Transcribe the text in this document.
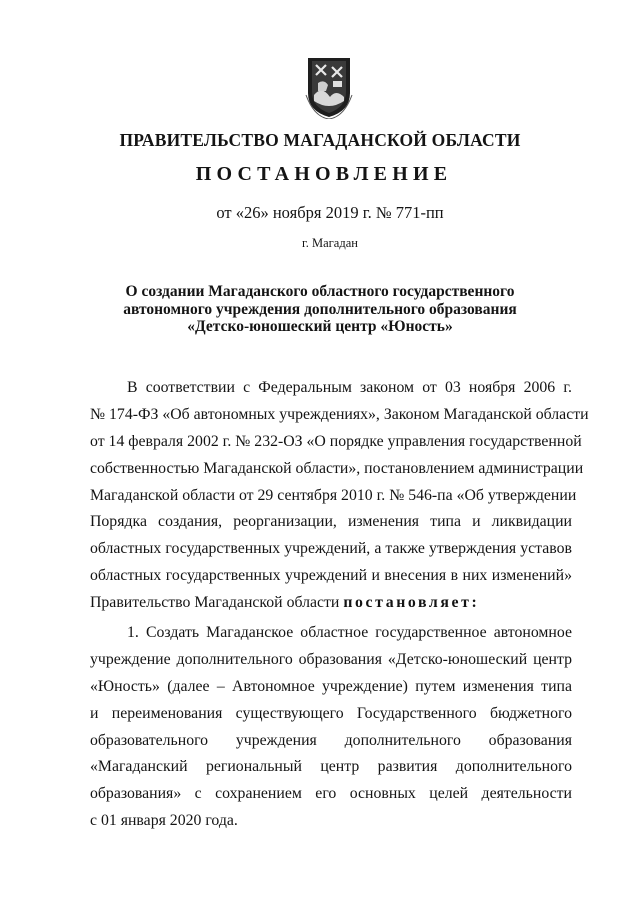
ПРАВИТЕЛЬСТВО МАГАДАНСКОЙ ОБЛАСТИ
ПОСТАНОВЛЕНИЕ
от «26» ноября 2019 г. № 771-пп
г. Магадан
О создании Магаданского областного государственного
автономного учреждения дополнительного образования
«Детско-юношеский центр «Юность»
В соответствии с Федеральным законом от 03 ноября 2006 г.
№ 174-ФЗ «Об автономных учреждениях», Законом Магаданской области
от 14 февраля 2002 г. № 232-ОЗ «О порядке управления государственной
собственностью Магаданской области», постановлением администрации
Магаданской области от 29 сентября 2010 г. № 546-па «Об утверждении
Порядка создания, реорганизации, изменения типа и ликвидации
областных государственных учреждений, а также утверждения уставов
областных государственных учреждений и внесения в них изменений»
Правительство Магаданской области постановляет:
1. Создать Магаданское областное государственное автономное
учреждение дополнительного образования «Детско-юношеский центр
«Юность» (далее – Автономное учреждение) путем изменения типа
и переименования существующего Государственного бюджетного
образовательного учреждения дополнительного образования
«Магаданский региональный центр развития дополнительного
образования» с сохранением его основных целей деятельности
с 01 января 2020 года.
